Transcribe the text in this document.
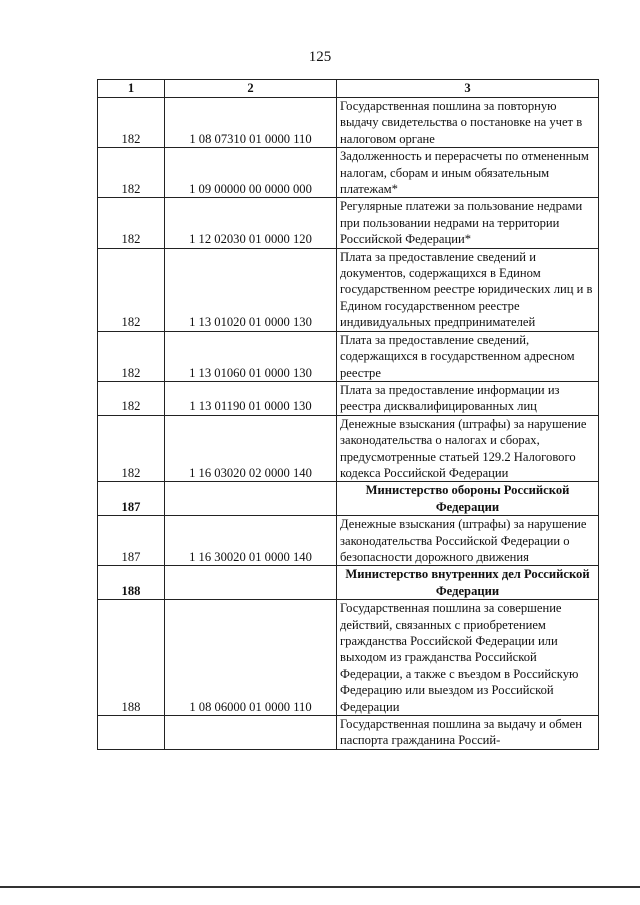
125
1	2	3
182	1 08 07310 01 0000 110	Государственная пошлина за повторную выдачу свидетельства о постановке на учет в налоговом органе
182	1 09 00000 00 0000 000	Задолженность и перерасчеты по отмененным налогам, сборам и иным обязательным платежам*
182	1 12 02030 01 0000 120	Регулярные платежи за пользование недрами при пользовании недрами на территории Российской Федерации*
182	1 13 01020 01 0000 130	Плата за предоставление сведений и документов, содержащихся в Едином государственном реестре юридических лиц и в Едином государственном реестре индивидуальных предпринимателей
182	1 13 01060 01 0000 130	Плата за предоставление сведений, содержащихся в государственном адресном реестре
182	1 13 01190 01 0000 130	Плата за предоставление информации из реестра дисквалифицированных лиц
182	1 16 03020 02 0000 140	Денежные взыскания (штрафы) за нарушение законодательства о налогах и сборах, предусмотренные статьей 129.2 Налогового кодекса Российской Федерации
187		Министерство обороны Российской Федерации
187	1 16 30020 01 0000 140	Денежные взыскания (штрафы) за нарушение законодательства Российской Федерации о безопасности дорожного движения
188		Министерство внутренних дел Российской Федерации
188	1 08 06000 01 0000 110	Государственная пошлина за совершение действий, связанных с приобретением гражданства Российской Федерации или выходом из гражданства Российской Федерации, а также с въездом в Российскую Федерацию или выездом из Российской Федерации
		Государственная пошлина за выдачу и обмен паспорта гражданина Россий-
